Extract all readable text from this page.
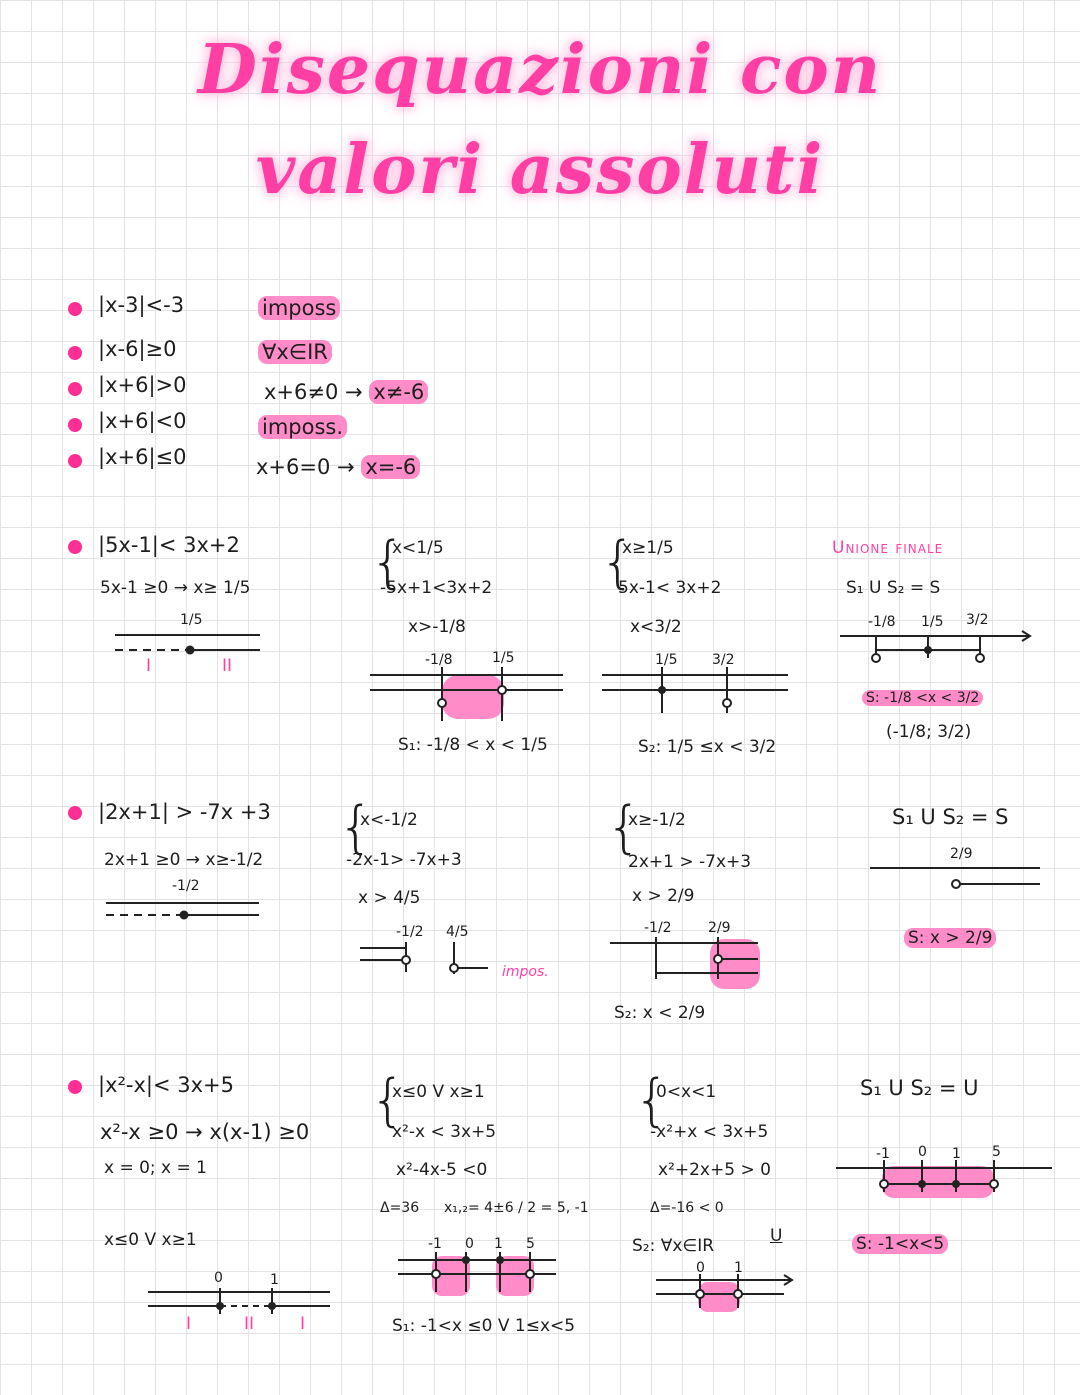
Disequazioni con
valori assoluti
|x-3|<-3	imposs
|x-6|≥0	∀x∈IR
|x+6|>0	x+6≠0 → x≠-6
|x+6|<0	imposs.
|x+6|≤0	x+6=0 → x=-6
|5x-1|< 3x+2
5x-1 ≥0 → x≥ 1/5
1/5
I	II
{
x<1/5
-5x+1<3x+2
x>-1/8
-1/8	1/5
S₁: -1/8 < x < 1/5
{
x≥1/5
5x-1< 3x+2
x<3/2
1/5 3/2
S₂: 1/5 ≤x < 3/2
Unione finale
S₁ U S₂ = S
-1/8 1/5 3/2
S: -1/8 <x < 3/2
(-1/8; 3/2)
|2x+1| > -7x +3
2x+1 ≥0 → x≥-1/2
-1/2
{
x<-1/2
-2x-1> -7x+3
x > 4/5
-1/2 4/5
impos.
{
x≥-1/2
2x+1 > -7x+3
x > 2/9
-1/2	2/9
S₂: x < 2/9
S₁ U S₂ = S
2/9
S: x > 2/9
|x²-x|< 3x+5
x²-x ≥0 → x(x-1) ≥0
x = 0; x = 1
x≤0 V x≥1
0	1
I	II	I
{
x≤0 V x≥1
x²-x < 3x+5
x²-4x-5 <0
Δ=36 x₁,₂= 4±6 / 2 = 5, -1
-1 0 1 5
S₁: -1<x ≤0 V 1≤x<5
{
0<x<1
-x²+x < 3x+5
x²+2x+5 > 0
Δ=-16 < 0
S₂: ∀x∈IR	U
0 1
S₁ U S₂ = U
-1 0 1 5
S: -1<x<5
